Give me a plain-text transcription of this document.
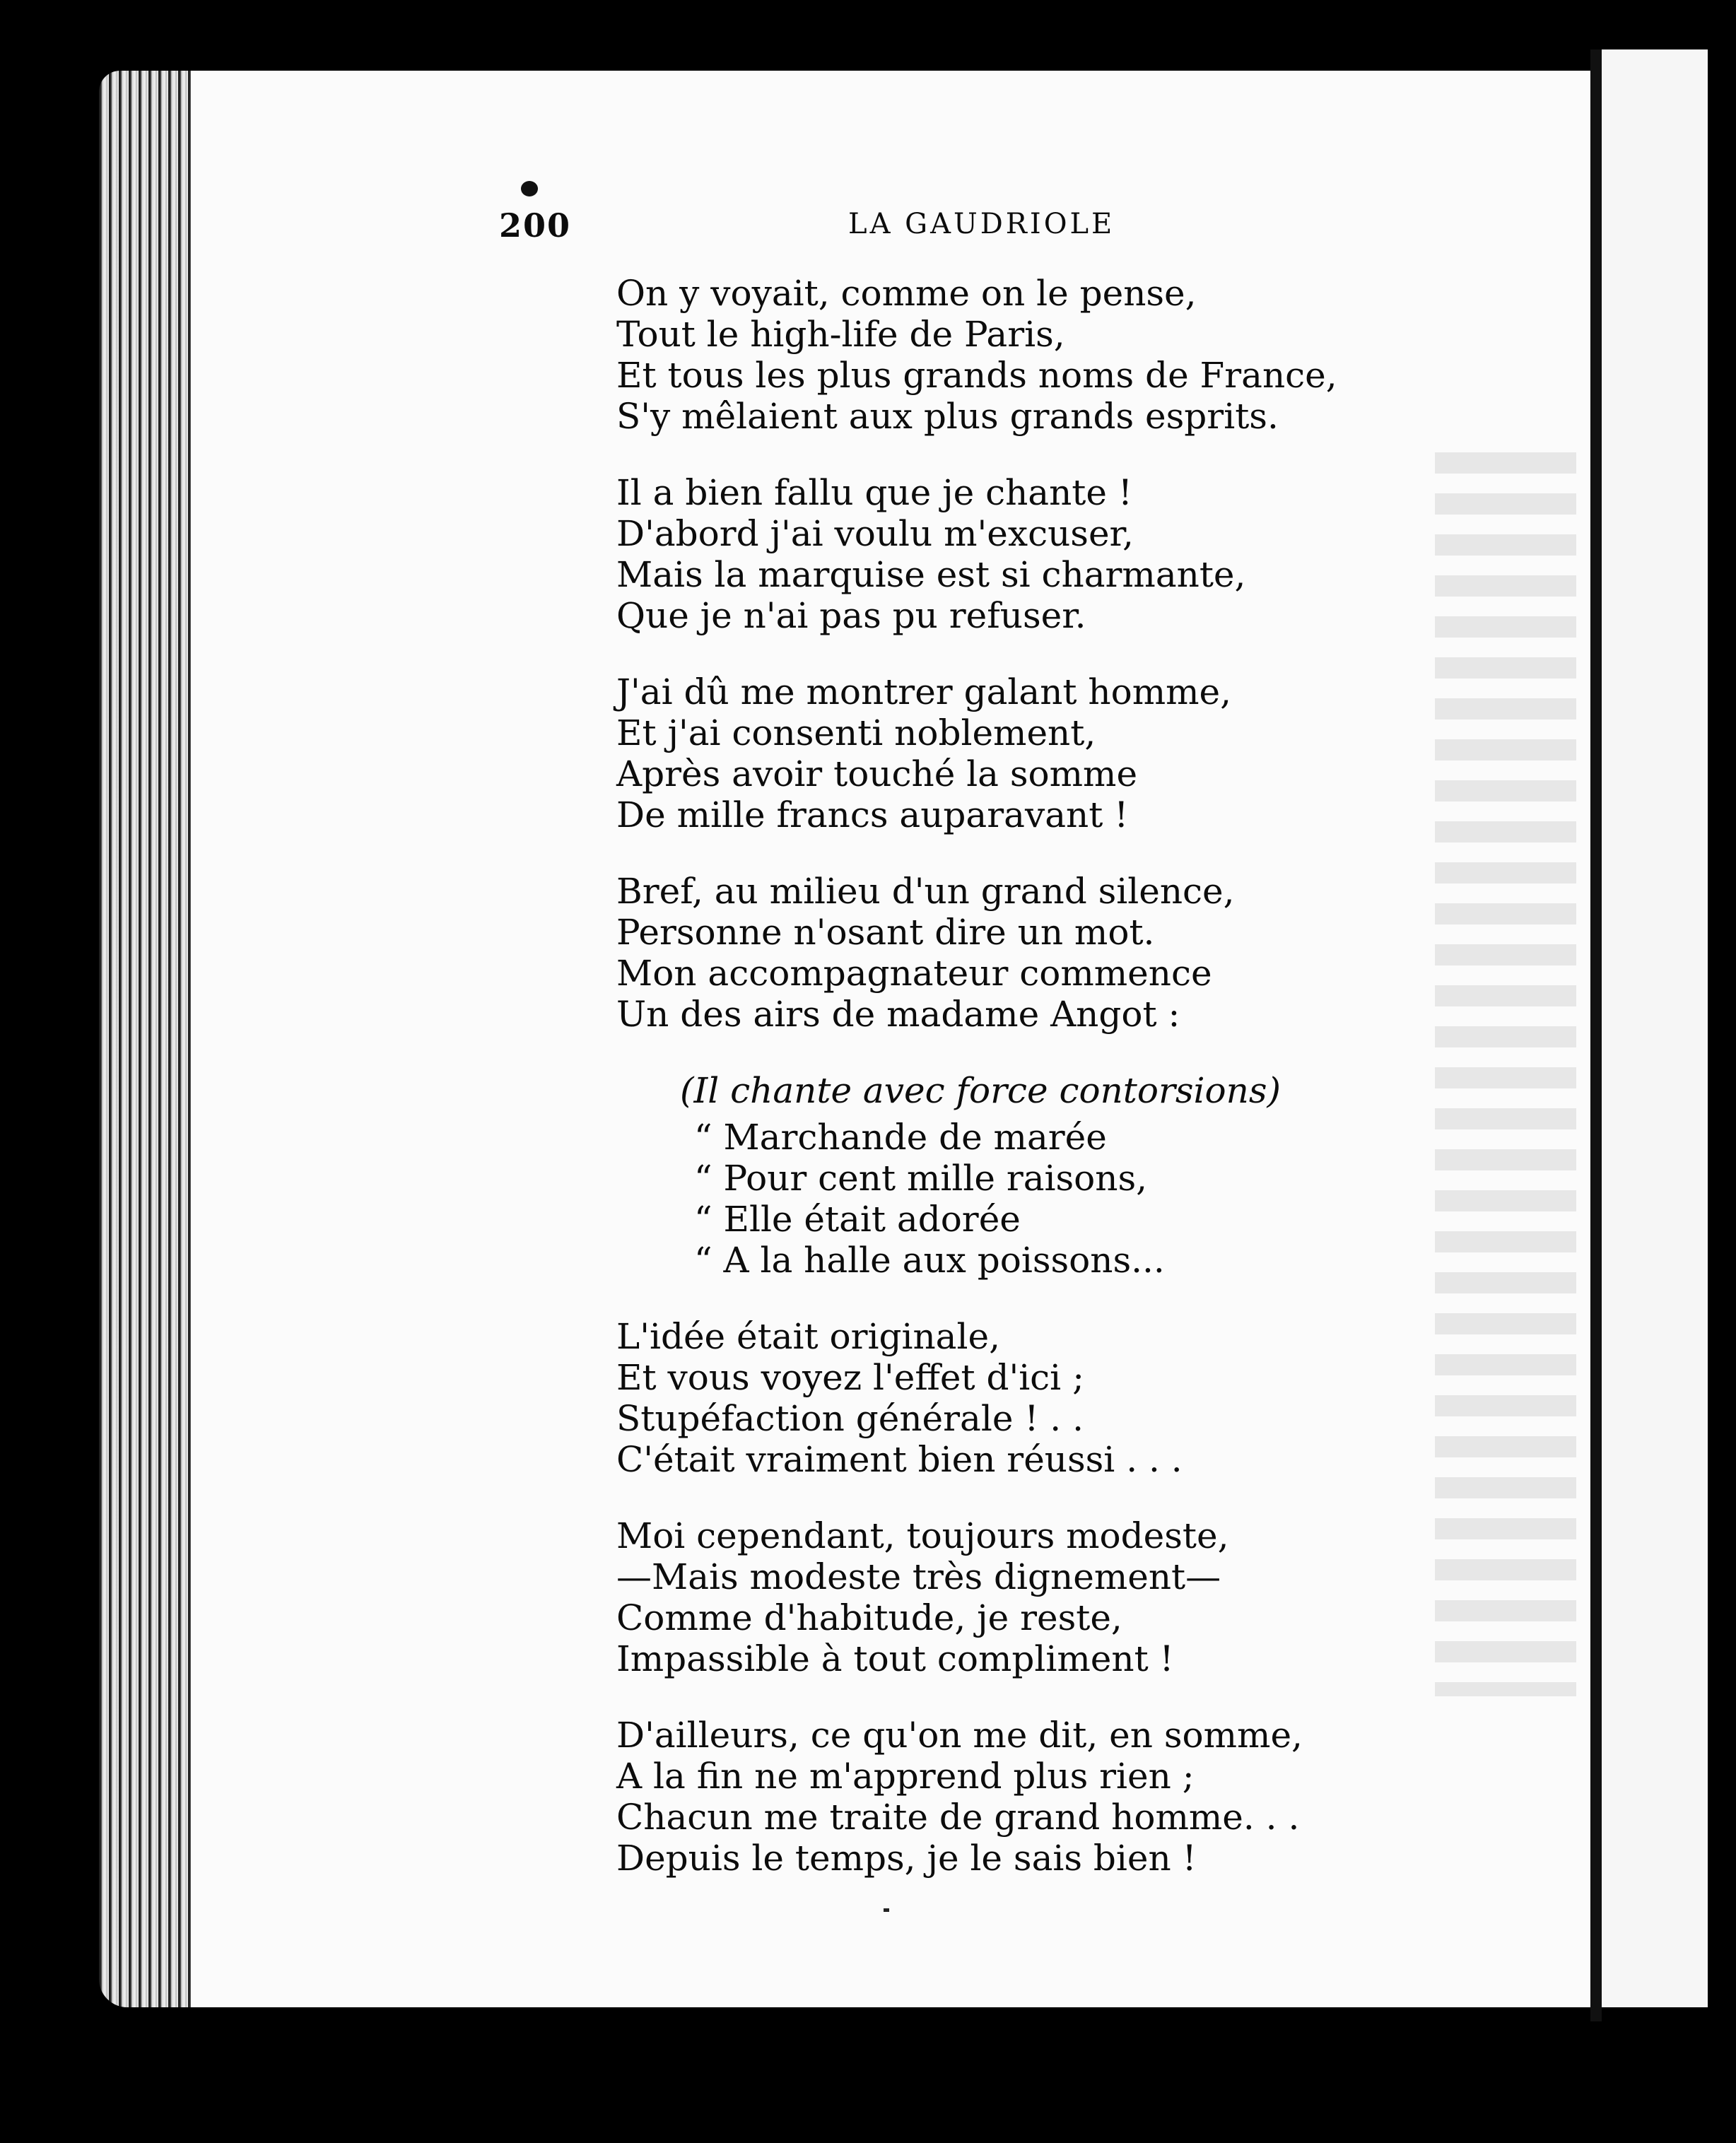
200	LA GAUDRIOLE
On y voyait, comme on le pense,
Tout le high-life de Paris,
Et tous les plus grands noms de France,
S'y mêlaient aux plus grands esprits.
Il a bien fallu que je chante !
D'abord j'ai voulu m'excuser,
Mais la marquise est si charmante,
Que je n'ai pas pu refuser.
J'ai dû me montrer galant homme,
Et j'ai consenti noblement,
Après avoir touché la somme
De mille francs auparavant !
Bref, au milieu d'un grand silence,
Personne n'osant dire un mot.
Mon accompagnateur commence
Un des airs de madame Angot :
(Il chante avec force contorsions)
“ Marchande de marée
“ Pour cent mille raisons,
“ Elle était adorée
“ A la halle aux poissons...
L'idée était originale,
Et vous voyez l'effet d'ici ;
Stupéfaction générale ! . .
C'était vraiment bien réussi . . .
Moi cependant, toujours modeste,
—Mais modeste très dignement—
Comme d'habitude, je reste,
Impassible à tout compliment !
D'ailleurs, ce qu'on me dit, en somme,
A la fin ne m'apprend plus rien ;
Chacun me traite de grand homme. . .
Depuis le temps, je le sais bien !
